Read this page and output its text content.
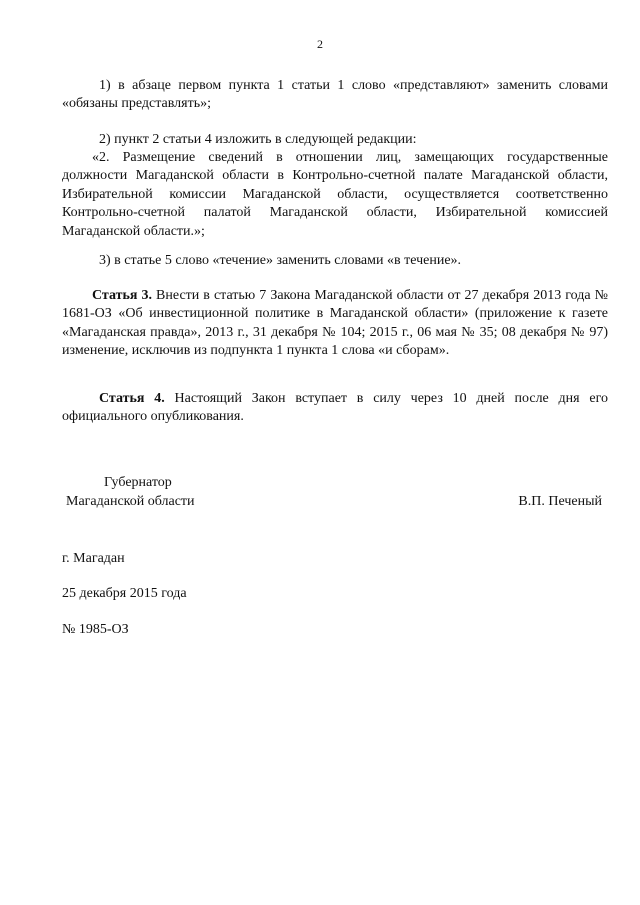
2

1) в абзаце первом пункта 1 статьи 1 слово «представляют» заменить словами «обязаны представлять»;

2) пункт 2 статьи 4 изложить в следующей редакции:

«2. Размещение сведений в отношении лиц, замещающих государственные должности Магаданской области в Контрольно-счетной палате Магаданской области, Избирательной комиссии Магаданской области, осуществляется соответственно Контрольно-счетной палатой Магаданской области, Избирательной комиссией Магаданской области.»;

3) в статье 5 слово «течение» заменить словами «в течение».

Статья 3. Внести в статью 7 Закона Магаданской области от 27 декабря 2013 года № 1681-ОЗ «Об инвестиционной политике в Магаданской области» (приложение к газете «Магаданская правда», 2013 г., 31 декабря № 104; 2015 г., 06 мая № 35; 08 декабря № 97) изменение, исключив из подпункта 1 пункта 1 слова «и сборам».

Статья 4. Настоящий Закон вступает в силу через 10 дней после дня его официального опубликования.

Губернатор
Магаданской области	В.П. Печеный
г. Магадан
25 декабря 2015 года
№ 1985-ОЗ
